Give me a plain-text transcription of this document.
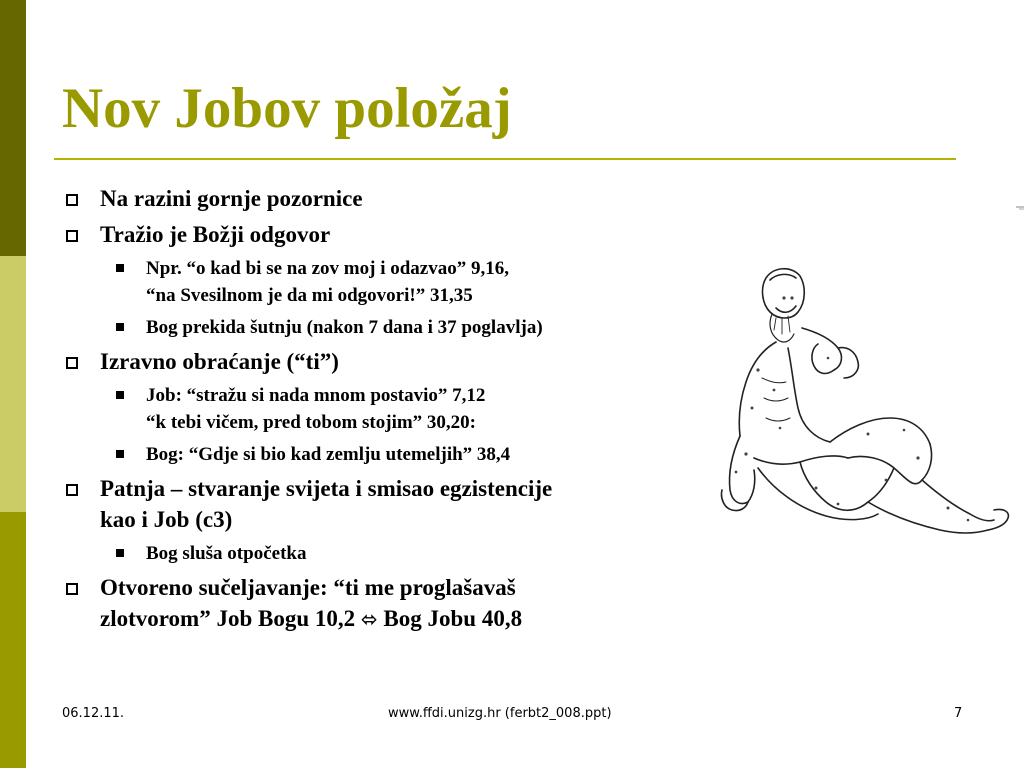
Nov Jobov položaj
Na razini gornje pozornice
Tražio je Božji odgovor
Npr. “o kad bi se na zov moj i odazvao” 9,16,
“na Svesilnom je da mi odgovori!” 31,35
Bog prekida šutnju (nakon 7 dana i 37 poglavlja)
Izravno obraćanje (“ti”)
Job: “stražu si nada mnom postavio” 7,12
“k tebi vičem, pred tobom stojim” 30,20:
Bog: “Gdje si bio kad zemlju utemeljih” 38,4
Patnja – stvaranje svijeta i smisao egzistencije
kao i Job (c3)
Bog sluša otpočetka
Otvoreno sučeljavanje: “ti me proglašavaš
zlotvorom” Job Bogu 10,2 ⬄ Bog Jobu 40,8
06.12.11.	www.ffdi.unizg.hr (ferbt2_008.ppt)	7
